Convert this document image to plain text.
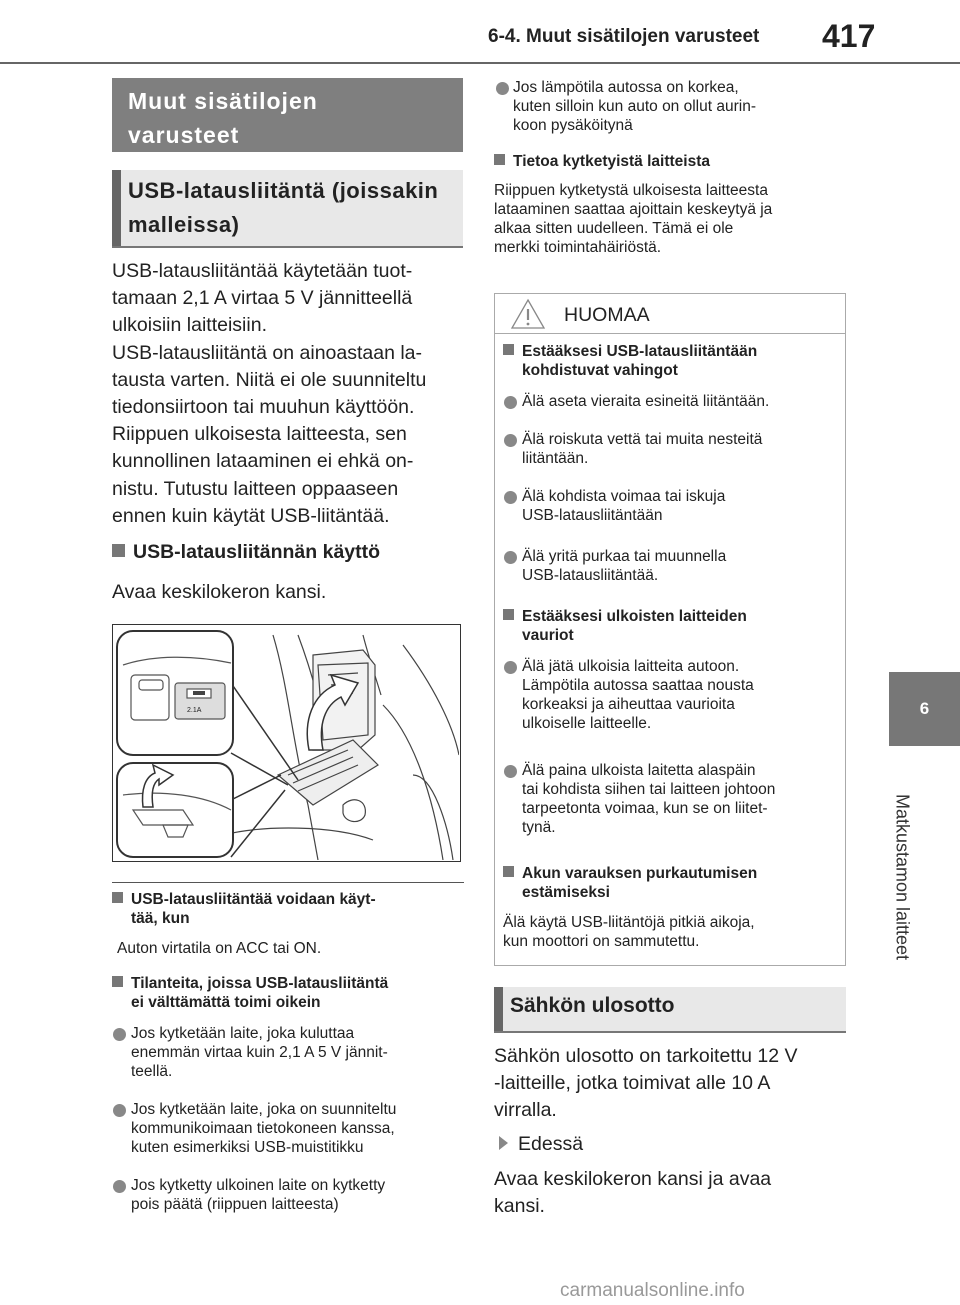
6-4. Muut sisätilojen varusteet 417
6
Matkustamon laitteet
Muut sisätilojen varusteet
USB-latausliitäntä (joissakin malleissa)
USB-latausliitäntää käytetään tuot-
tamaan 2,1 A virtaa 5 V jännitteellä
ulkoisiin laitteisiin.
USB-latausliitäntä on ainoastaan la-
tausta varten. Niitä ei ole suunniteltu
tiedonsiirtoon tai muuhun käyttöön.
Riippuen ulkoisesta laitteesta, sen
kunnollinen lataaminen ei ehkä on-
nistu. Tutustu laitteen oppaaseen
ennen kuin käytät USB-liitäntää.
USB-latausliitännän käyttö
Avaa keskilokeron kansi.
2.1A
USB-latausliitäntää voidaan käyt-
tää, kun
Auton virtatila on ACC tai ON.
Tilanteita, joissa USB-latausliitäntä
ei välttämättä toimi oikein
Jos kytketään laite, joka kuluttaa
enemmän virtaa kuin 2,1 A 5 V jännit-
teellä.
Jos kytketään laite, joka on suunniteltu
kommunikoimaan tietokoneen kanssa,
kuten esimerkiksi USB-muistitikku
Jos kytketty ulkoinen laite on kytketty
pois päätä (riippuen laitteesta)
Jos lämpötila autossa on korkea,
kuten silloin kun auto on ollut aurin-
koon pysäköitynä
Tietoa kytketyistä laitteista
Riippuen kytketystä ulkoisesta laitteesta
lataaminen saattaa ajoittain keskeytyä ja
alkaa sitten uudelleen. Tämä ei ole
merkki toimintahäiriöstä.
HUOMAA
Estääksesi USB-latausliitäntään
kohdistuvat vahingot
Älä aseta vieraita esineitä liitäntään.
Älä roiskuta vettä tai muita nesteitä
liitäntään.
Älä kohdista voimaa tai iskuja
USB-latausliitäntään
Älä yritä purkaa tai muunnella
USB-latausliitäntää.
Estääksesi ulkoisten laitteiden
vauriot
Älä jätä ulkoisia laitteita autoon.
Lämpötila autossa saattaa nousta
korkeaksi ja aiheuttaa vaurioita
ulkoiselle laitteelle.
Älä paina ulkoista laitetta alaspäin
tai kohdista siihen tai laitteen johtoon
tarpeetonta voimaa, kun se on liitet-
tynä.
Akun varauksen purkautumisen
estämiseksi
Älä käytä USB-liitäntöjä pitkiä aikoja,
kun moottori on sammutettu.
Sähkön ulosotto
Sähkön ulosotto on tarkoitettu 12 V
-laitteille, jotka toimivat alle 10 A
virralla.
Edessä
Avaa keskilokeron kansi ja avaa
kansi.
carmanualsonline.info
